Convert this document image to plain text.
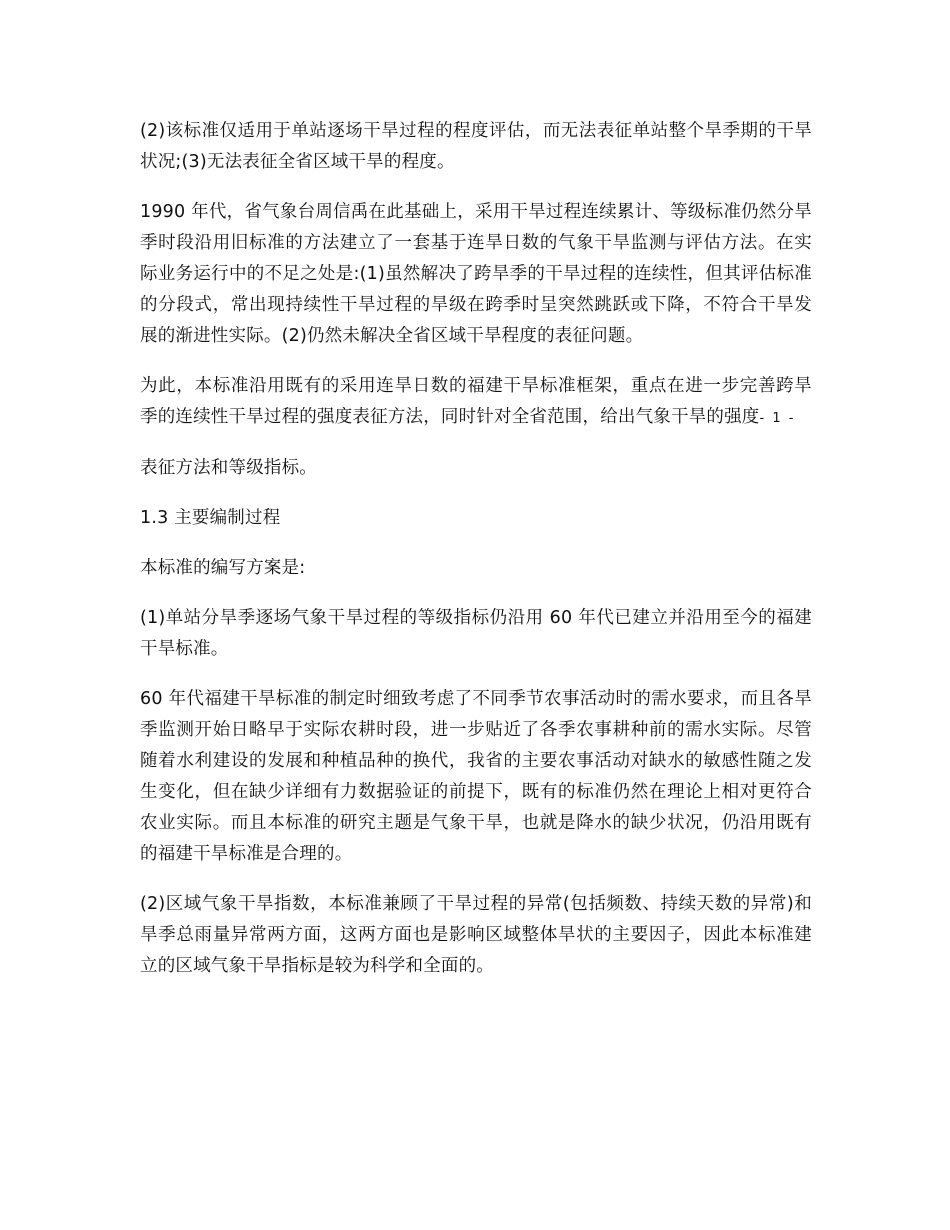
(2)该标准仅适用于单站逐场干旱过程的程度评估，而无法表征单站整个旱季期的干旱状况;(3)无法表征全省区域干旱的程度。

1990 年代，省气象台周信禹在此基础上，采用干旱过程连续累计、等级标准仍然分旱季时段沿用旧标准的方法建立了一套基于连旱日数的气象干旱监测与评估方法。在实际业务运行中的不足之处是:(1)虽然解决了跨旱季的干旱过程的连续性，但其评估标准的分段式，常出现持续性干旱过程的旱级在跨季时呈突然跳跃或下降，不符合干旱发展的渐进性实际。(2)仍然未解决全省区域干旱程度的表征问题。

为此，本标准沿用既有的采用连旱日数的福建干旱标准框架，重点在进一步完善跨旱季的连续性干旱过程的强度表征方法，同时针对全省范围，给出气象干旱的强度- 1 -

表征方法和等级指标。

1.3 主要编制过程

本标准的编写方案是:

(1)单站分旱季逐场气象干旱过程的等级指标仍沿用 60 年代已建立并沿用至今的福建干旱标准。

60 年代福建干旱标准的制定时细致考虑了不同季节农事活动时的需水要求，而且各旱季监测开始日略早于实际农耕时段，进一步贴近了各季农事耕种前的需水实际。尽管随着水利建设的发展和种植品种的换代，我省的主要农事活动对缺水的敏感性随之发生变化，但在缺少详细有力数据验证的前提下，既有的标准仍然在理论上相对更符合农业实际。而且本标准的研究主题是气象干旱，也就是降水的缺少状况，仍沿用既有的福建干旱标准是合理的。

(2)区域气象干旱指数，本标准兼顾了干旱过程的异常(包括频数、持续天数的异常)和旱季总雨量异常两方面，这两方面也是影响区域整体旱状的主要因子，因此本标准建立的区域气象干旱指标是较为科学和全面的。
